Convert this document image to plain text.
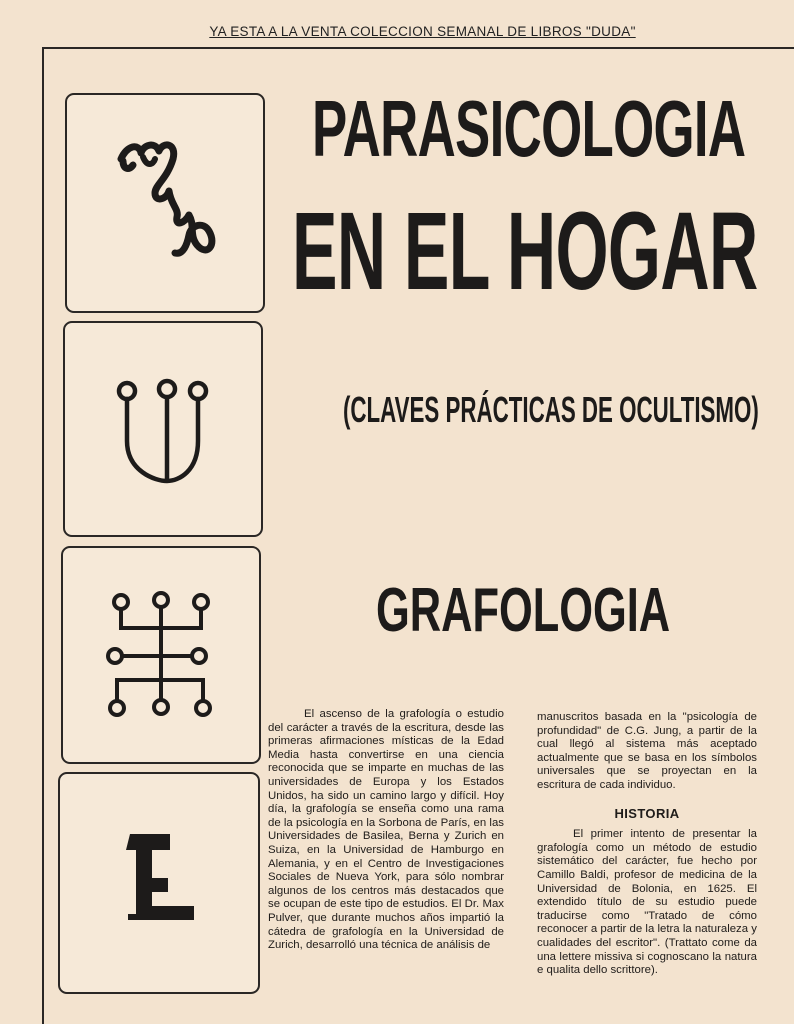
YA ESTA A LA VENTA COLECCION SEMANAL DE LIBROS "DUDA"
PARASICOLOGIA
EN EL HOGAR
(CLAVES PRÁCTICAS DE OCULTISMO)
GRAFOLOGIA

El ascenso de la grafología o estudio del carácter a través de la escritura, desde las primeras afirmaciones místicas de la Edad Media hasta convertirse en una ciencia reconocida que se imparte en muchas de las universidades de Europa y los Estados Unidos, ha sido un camino largo y difícil. Hoy día, la grafología se enseña como una rama de la psicología en la Sorbona de París, en las Universidades de Basilea, Berna y Zurich en Suiza, en la Universidad de Hamburgo en Alemania, y en el Centro de Investigaciones Sociales de Nueva York, para sólo nombrar algunos de los centros más destacados que se ocupan de este tipo de estudios. El Dr. Max Pulver, que durante muchos años impartió la cátedra de grafología en la Universidad de Zurich, desarrolló una técnica de análisis de

manuscritos basada en la "psicología de profundidad" de C.G. Jung, a partir de la cual llegó al sistema más aceptado actualmente que se basa en los símbolos universales que se proyectan en la escritura de cada individuo.

HISTORIA

El primer intento de presentar la grafología como un método de estudio sistemático del carácter, fue hecho por Camillo Baldi, profesor de medicina de la Universidad de Bolonia, en 1625. El extendido título de su estudio puede traducirse como "Tratado de cómo reconocer a partir de la letra la naturaleza y cualidades del escritor". (Trattato come da una lettere missiva si cognoscano la natura e qualita dello scrittore).
